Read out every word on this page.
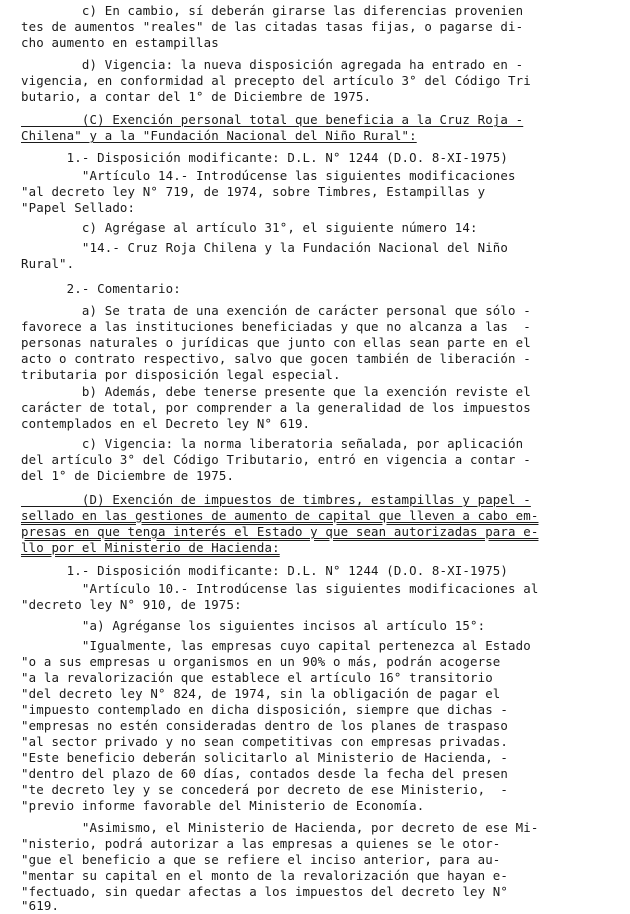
c) En cambio, sí deberán girarse las diferencias provenien
tes de aumentos "reales" de las citadas tasas fijas, o pagarse di-
cho aumento en estampillas
d) Vigencia: la nueva disposición agregada ha entrado en -
vigencia, en conformidad al precepto del artículo 3° del Código Tri
butario, a contar del 1° de Diciembre de 1975.
(C) Exención personal total que beneficia a la Cruz Roja -
Chilena" y a la "Fundación Nacional del Niño Rural":
1.- Disposición modificante: D.L. N° 1244 (D.O. 8-XI-1975)
"Artículo 14.- Introdúcense las siguientes modificaciones
"al decreto ley N° 719, de 1974, sobre Timbres, Estampillas y
"Papel Sellado:
c) Agrégase al artículo 31°, el siguiente número 14:
"14.- Cruz Roja Chilena y la Fundación Nacional del Niño
Rural".
2.- Comentario:
a) Se trata de una exención de carácter personal que sólo -
favorece a las instituciones beneficiadas y que no alcanza a las  -
personas naturales o jurídicas que junto con ellas sean parte en el
acto o contrato respectivo, salvo que gocen también de liberación -
tributaria por disposición legal especial.
b) Además, debe tenerse presente que la exención reviste el
carácter de total, por comprender a la generalidad de los impuestos
contemplados en el Decreto ley N° 619.
c) Vigencia: la norma liberatoria señalada, por aplicación
del artículo 3° del Código Tributario, entró en vigencia a contar -
del 1° de Diciembre de 1975.
(D) Exención de impuestos de timbres, estampillas y papel -
sellado en las gestiones de aumento de capital que lleven a cabo em-
presas en que tenga interés el Estado y que sean autorizadas para e-
llo por el Ministerio de Hacienda:
1.- Disposición modificante: D.L. N° 1244 (D.O. 8-XI-1975)
"Artículo 10.- Introdúcense las siguientes modificaciones al
"decreto ley N° 910, de 1975:
"a) Agréganse los siguientes incisos al artículo 15°:
"Igualmente, las empresas cuyo capital pertenezca al Estado
"o a sus empresas u organismos en un 90% o más, podrán acogerse
"a la revalorización que establece el artículo 16° transitorio
"del decreto ley N° 824, de 1974, sin la obligación de pagar el
"impuesto contemplado en dicha disposición, siempre que dichas -
"empresas no estén consideradas dentro de los planes de traspaso
"al sector privado y no sean competitivas con empresas privadas.
"Este beneficio deberán solicitarlo al Ministerio de Hacienda, -
"dentro del plazo de 60 días, contados desde la fecha del presen
"te decreto ley y se concederá por decreto de ese Ministerio,  -
"previo informe favorable del Ministerio de Economía.
"Asimismo, el Ministerio de Hacienda, por decreto de ese Mi-
"nisterio, podrá autorizar a las empresas a quienes se le otor-
"gue el beneficio a que se refiere el inciso anterior, para au-
"mentar su capital en el monto de la revalorización que hayan e-
"fectuado, sin quedar afectas a los impuestos del decreto ley N°
"619.
